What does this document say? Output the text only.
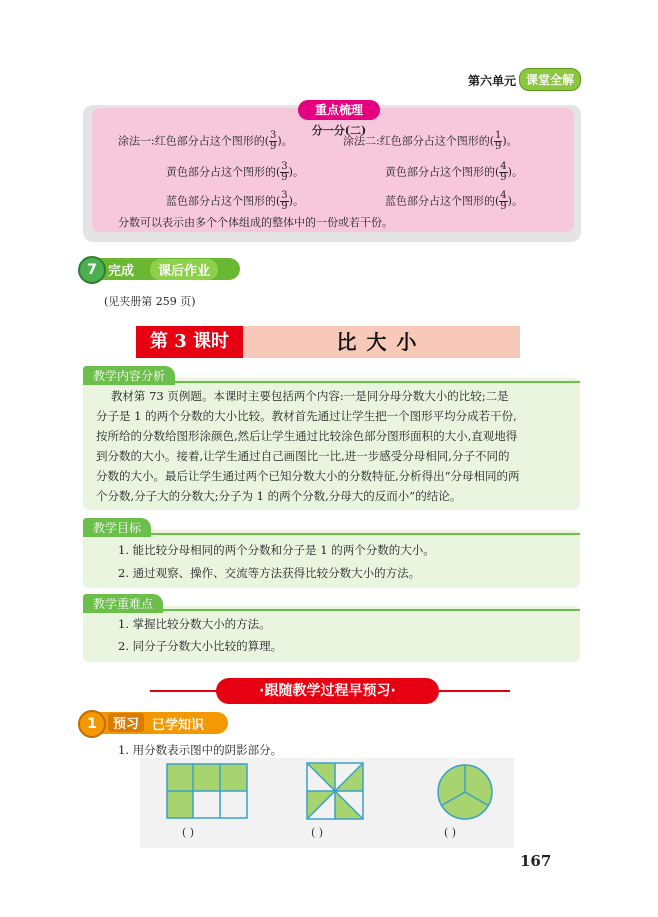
第六单元 课堂全解
重点梳理
分一分(二)
涂法一:红色部分占这个图形的( $\frac{3}{9}$ )。	涂法二:红色部分占这个图形的( $\frac{1}{9}$ )。
黄色部分占这个图形的( $\frac{3}{9}$ )。	黄色部分占这个图形的( $\frac{4}{9}$ )。
蓝色部分占这个图形的( $\frac{3}{9}$ )。	蓝色部分占这个图形的( $\frac{4}{9}$ )。
分数可以表示由多个个体组成的整体中的一份或若干份。
7 完成	课后作业
(见夹册第 259 页)
第 3 课时	比大小
教学内容分析
教材第 73 页例题。本课时主要包括两个内容:一是同分母分数大小的比较;二是
分子是 1 的两个分数的大小比较。教材首先通过让学生把一个图形平均分成若干份,
按所给的分数给图形涂颜色,然后让学生通过比较涂色部分图形面积的大小,直观地得
到分数的大小。接着,让学生通过自己画图比一比,进一步感受分母相同,分子不同的
分数的大小。最后让学生通过两个已知分数大小的分数特征,分析得出“分母相同的两
个分数,分子大的分数大;分子为 1 的两个分数,分母大的反而小”的结论。
教学目标
1. 能比较分母相同的两个分数和分子是 1 的两个分数的大小。
2. 通过观察、操作、交流等方法获得比较分数大小的方法。
教学重难点
1. 掌握比较分数大小的方法。
2. 同分子分数大小比较的算理。
·跟随教学过程早预习·
1	预习 已学知识
1. 用分数表示图中的阴影部分。
( )	( )	( )
167
